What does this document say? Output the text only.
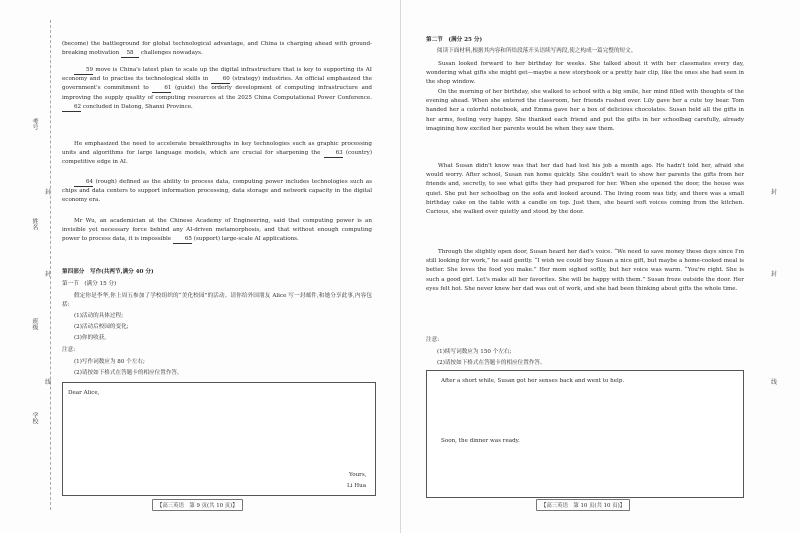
考号
姓名
班级
学校
封
封
线

(become) the battleground for global technological advantage, and China is charging ahead with ground-breaking motivation 58 challenges nowadays.

59 move is China's latest plan to scale up the digital infrastructure that is key to supporting its AI economy and to practise its technological skills in	60 (strategy) industries. An official emphasized the government's commitment to	61 (guide) the orderly development of computing infrastructure and improving the supply quality of computing resources at the 2025 China Computational Power Conference. 62 concluded in Datong, Shanxi Province.

He emphasized the need to accelerate breakthroughs in key technologies such as graphic processing units and algorithms for large language models, which are crucial for sharpening the	63 (country) competitive edge in AI.

64 (rough) defined as the ability to process data, computing power includes technologies such as chips and data centers to support information processing, data storage and network capacity in the digital economy era.

Mr Wu, an academician at the Chinese Academy of Engineering, said that computing power is an invisible yet necessary force behind any AI-driven metamorphosis, and that without enough computing power to process data, it is impossible 65 (support) large-scale AI applications.

第四部分　写作(共两节,满分 40 分)
第一节　(满分 15 分)

假定你是李华,你上周五参加了学校组织的“美化校园”的活动。请你给外国朋友 Alice 写一封邮件,和她分享此事,内容包括:

(1)活动的具体过程;
(2)活动后校园的变化;
(3)你的收获。
注意:
(1)写作词数应为 80 个左右;
(2)请按如下格式在答题卡的相应位置作答。
Dear Alice,
Yours,
Li Hua
【高三英语　第 9 页(共 10 页)】
封
封
线
第二节　(满分 25 分)
阅读下面材料,根据其内容和所给段落开头语续写两段,使之构成一篇完整的短文。

Susan looked forward to her birthday for weeks. She talked about it with her classmates every day, wondering what gifts she might get—maybe a new storybook or a pretty hair clip, like the ones she had seen in the shop window.

On the morning of her birthday, she walked to school with a big smile, her mind filled with thoughts of the evening ahead. When she entered the classroom, her friends rushed over. Lily gave her a cute toy bear. Tom handed her a colorful notebook, and Emma gave her a box of delicious chocolates. Susan held all the gifts in her arms, feeling very happy. She thanked each friend and put the gifts in her schoolbag carefully, already imagining how excited her parents would be when they saw them.

What Susan didn't know was that her dad had lost his job a month ago. He hadn't told her, afraid she would worry. After school, Susan ran home quickly. She couldn't wait to show her parents the gifts from her friends and, secretly, to see what gifts they had prepared for her. When she opened the door, the house was quiet. She put her schoolbag on the sofa and looked around. The living room was tidy, and there was a small birthday cake on the table with a candle on top. Just then, she heard soft voices coming from the kitchen. Curious, she walked over quietly and stood by the door.

Through the slightly open door, Susan heard her dad's voice. “We need to save money these days since I'm still looking for work,” he said gently. “I wish we could buy Susan a nice gift, but maybe a home-cooked meal is better. She loves the food you make.” Her mom sighed softly, but her voice was warm. “You're right. She is such a good girl. Let's make all her favorites. She will be happy with them.” Susan froze outside the door. Her eyes felt hot. She never knew her dad was out of work, and she had been thinking about gifts the whole time.

注意:
(1)续写词数应为 150 个左右;
(2)请按如下格式在答题卡的相应位置作答。
After a short while, Susan got her senses back and went to help.
Soon, the dinner was ready.
【高三英语　第 10 页(共 10 页)】
